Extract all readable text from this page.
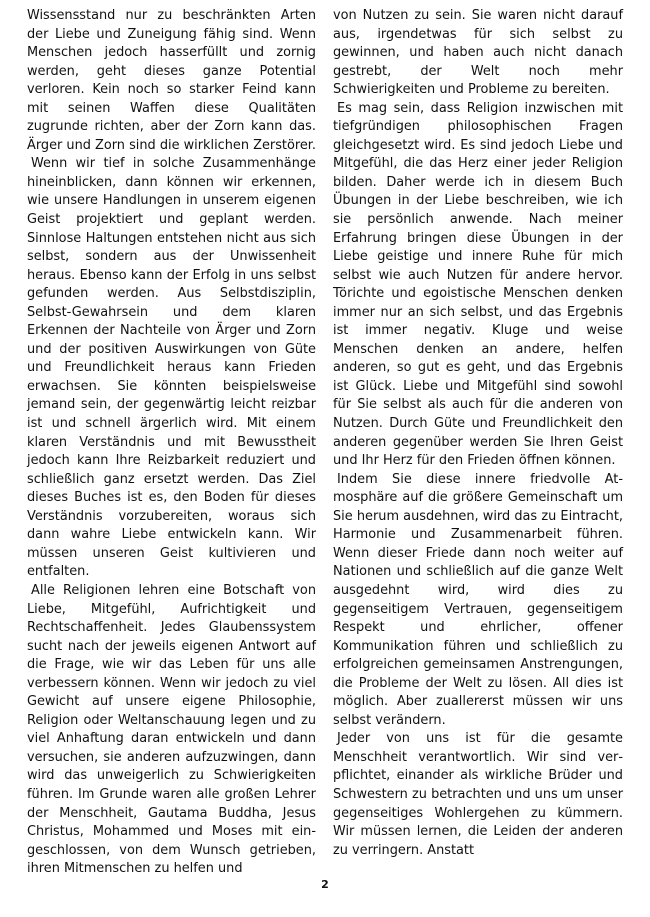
Wissensstand nur zu beschränkten Arten der Liebe und Zuneigung fähig sind. Wenn Menschen jedoch hasserfüllt und zornig werden, geht dieses ganze Potential verloren. Kein noch so starker Feind kann mit seinen Waffen diese Qualitäten zugrunde richten, aber der Zorn kann das. Ärger und Zorn sind die wirklichen Zerstörer.

Wenn wir tief in solche Zusammenhänge hineinblicken, dann können wir erkennen, wie unsere Handlungen in unserem eigenen Geist projektiert und geplant werden. Sinnlose Haltungen entstehen nicht aus sich selbst, sondern aus der Unwissenheit heraus. Ebenso kann der Erfolg in uns selbst gefunden werden. Aus Selbstdisziplin, Selbst-Gewahrsein und dem klaren Erkennen der Nachteile von Ärger und Zorn und der positiven Auswirkungen von Güte und Freundlichkeit heraus kann Frieden erwachsen. Sie könnten beispielsweise jemand sein, der gegenwärtig leicht reizbar ist und schnell ärgerlich wird. Mit einem klaren Verständnis und mit Bewusstheit jedoch kann Ihre Reizbarkeit reduziert und schließlich ganz ersetzt werden. Das Ziel dieses Buches ist es, den Boden für dieses Verständnis vorzubereiten, woraus sich dann wahre Liebe entwickeln kann. Wir müssen unseren Geist kultivieren und entfalten.

Alle Religionen lehren eine Botschaft von Liebe, Mitgefühl, Aufrichtigkeit und Rechtschaffenheit. Jedes Glaubenssystem sucht nach der jeweils eigenen Antwort auf die Frage, wie wir das Leben für uns alle verbessern können. Wenn wir jedoch zu viel Gewicht auf unsere eigene Philosophie, Religion oder Weltanschauung legen und zu viel Anhaftung daran entwickeln und dann versuchen, sie anderen aufzuzwingen, dann wird das unweigerlich zu Schwierigkeiten führen. Im Grunde waren alle großen Lehrer der Menschheit, Gautama Buddha, Jesus Christus, Mohammed und Moses mit eingeschlossen, von dem Wunsch getrieben, ihren Mitmenschen zu helfen und

von Nutzen zu sein. Sie waren nicht darauf aus, irgendetwas für sich selbst zu gewinnen, und haben auch nicht danach gestrebt, der Welt noch mehr Schwierigkeiten und Probleme zu bereiten.

Es mag sein, dass Religion inzwischen mit tiefgründigen philosophischen Fragen gleichgesetzt wird. Es sind jedoch Liebe und Mitgefühl, die das Herz einer jeder Religion bilden. Daher werde ich in diesem Buch Übungen in der Liebe beschreiben, wie ich sie persönlich anwende. Nach meiner Erfahrung bringen diese Übungen in der Liebe geistige und innere Ruhe für mich selbst wie auch Nutzen für andere hervor. Törichte und egoistische Menschen denken immer nur an sich selbst, und das Ergebnis ist immer negativ. Kluge und weise Menschen denken an andere, helfen anderen, so gut es geht, und das Ergebnis ist Glück. Liebe und Mitgefühl sind sowohl für Sie selbst als auch für die anderen von Nutzen. Durch Güte und Freundlichkeit den anderen gegenüber werden Sie Ihren Geist und Ihr Herz für den Frieden öffnen können.

Indem Sie diese innere friedvolle Atmosphäre auf die größere Gemeinschaft um Sie herum ausdehnen, wird das zu Eintracht, Harmonie und Zusammenarbeit führen. Wenn dieser Friede dann noch weiter auf Nationen und schließlich auf die ganze Welt ausgedehnt wird, wird dies zu gegenseitigem Vertrauen, gegenseitigem Respekt und ehrlicher, offener Kommunikation führen und schließlich zu erfolgreichen gemeinsamen Anstrengungen, die Probleme der Welt zu lösen. All dies ist möglich. Aber zuallererst müssen wir uns selbst verändern.

Jeder von uns ist für die gesamte Menschheit verantwortlich. Wir sind verpflichtet, einander als wirkliche Brüder und Schwestern zu betrachten und uns um unser gegenseitiges Wohlergehen zu kümmern. Wir müssen lernen, die Leiden der anderen zu verringern. Anstatt

2
